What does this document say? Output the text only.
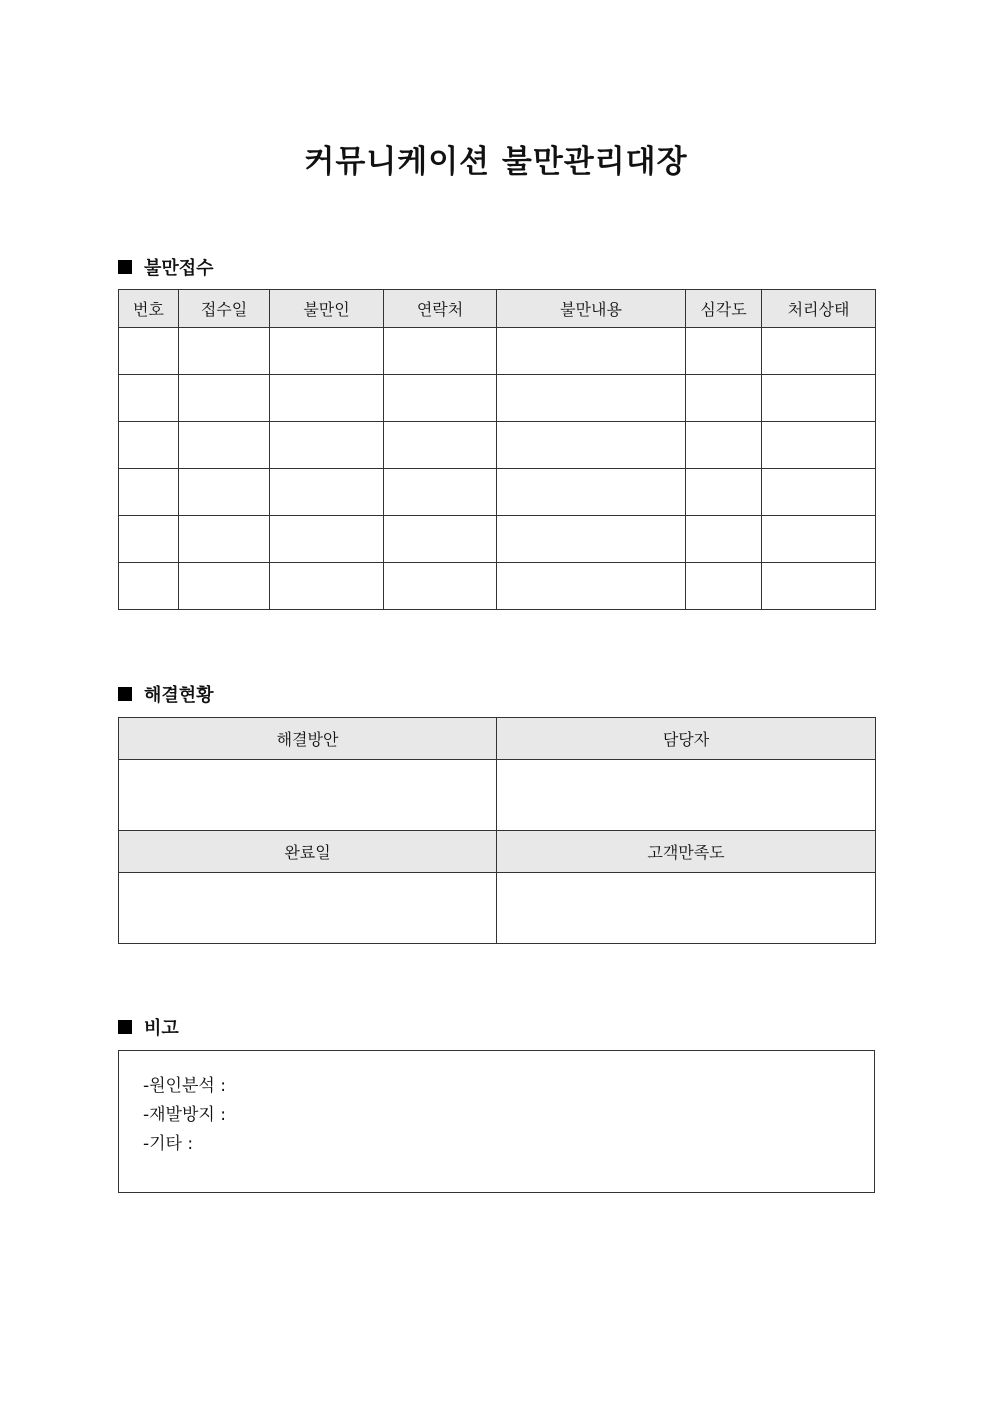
커뮤니케이션 불만관리대장
불만접수
번호	접수일	불만인	연락처	불만내용	심각도	처리상태

해결현황
해결방안	담당자

완료일	고객만족도

비고
-원인분석 :
-재발방지 :
-기타 :
